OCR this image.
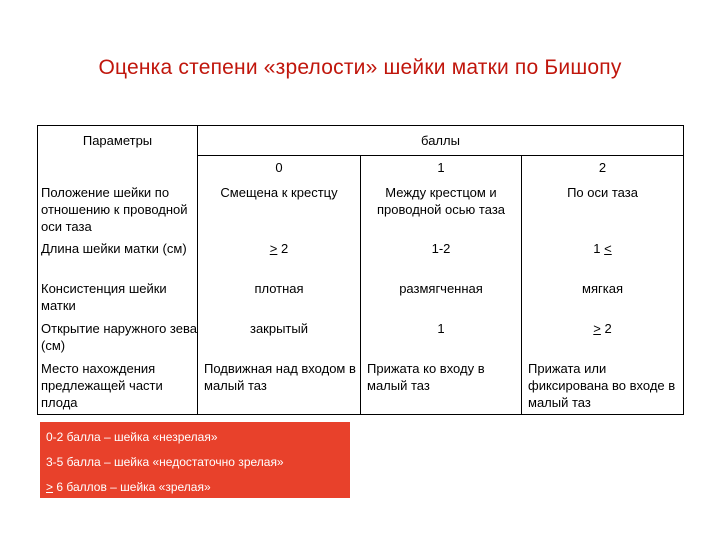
Оценка степени «зрелости» шейки матки по Бишопу
Параметры	баллы		
	0	1	2
Положение шейки по отношению к проводной оси таза	Смещена к крестцу	Между крестцом и проводной осью таза	По оси таза
Длина шейки матки (см)	≥ 2	1-2	1 <
Консистенция шейки матки	плотная	размягченная	мягкая
Открытие наружного зева (см)	закрытый	1	≥ 2
Место нахождения предлежащей части плода	Подвижная над входом в малый таз	Прижата ко входу в малый таз	Прижата или фиксирована во входе в малый таз
0-2 балла – шейка «незрелая»
3-5 балла – шейка «недостаточно зрелая»
≥ 6 баллов – шейка «зрелая»
